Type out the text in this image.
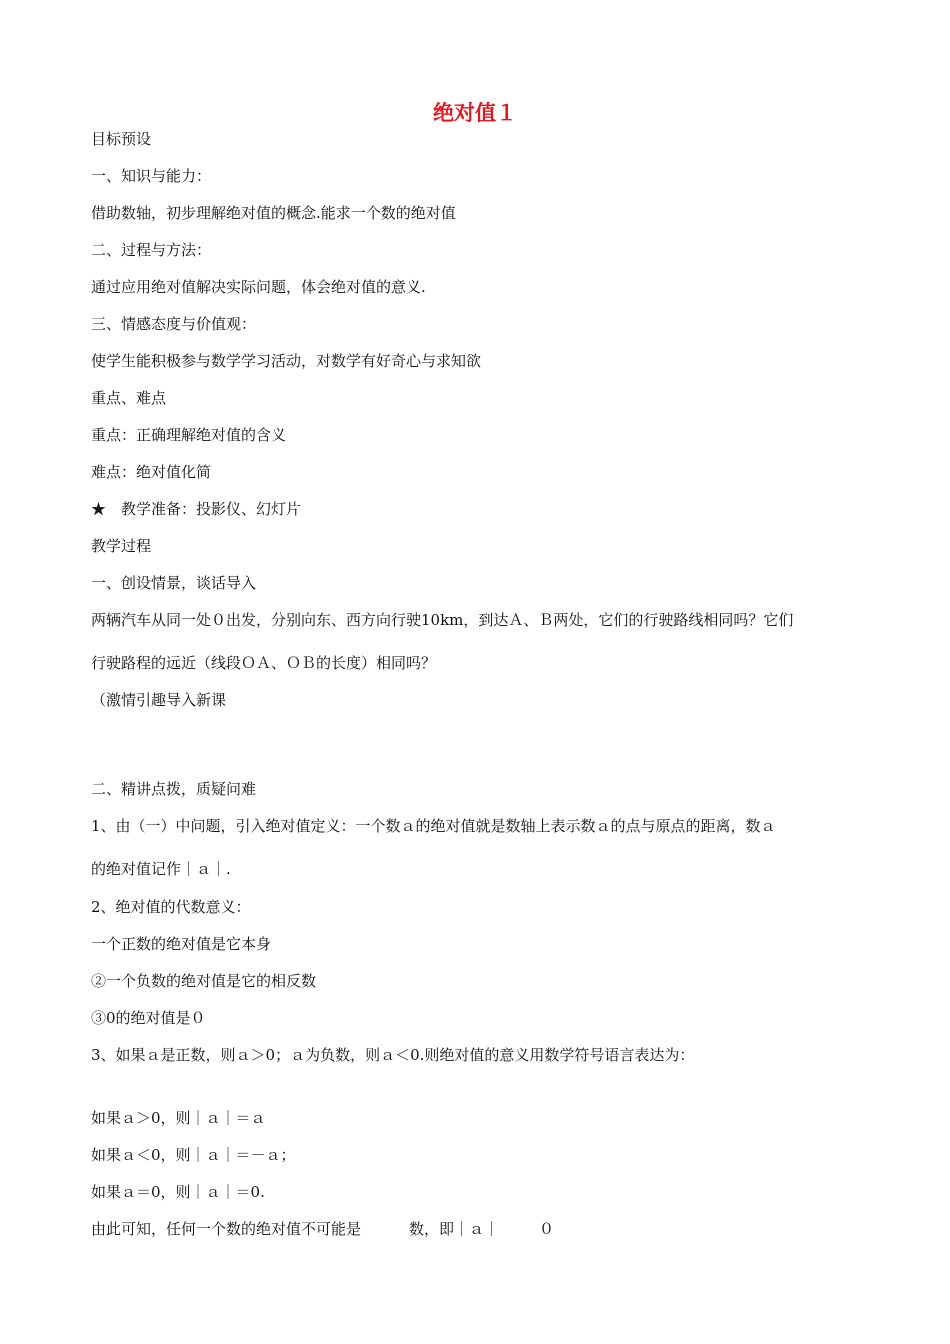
绝对值１
目标预设
一、知识与能力：
借助数轴，初步理解绝对值的概念.能求一个数的绝对值
二、过程与方法：
通过应用绝对值解决实际问题，体会绝对值的意义.
三、情感态度与价值观：
使学生能积极参与数学学习活动，对数学有好奇心与求知欲
重点、难点
重点：正确理解绝对值的含义
难点：绝对值化简
★　教学准备：投影仪、幻灯片
教学过程
一、创设情景，谈话导入
两辆汽车从同一处０出发，分别向东、西方向行驶10km，到达Ａ、Ｂ两处，它们的行驶路线相同吗？它们
行驶路程的远近（线段ＯＡ、ＯＢ的长度）相同吗？
（激情引趣导入新课
二、精讲点拨，质疑问难
1、由（一）中问题，引入绝对值定义：一个数ａ的绝对值就是数轴上表示数ａ的点与原点的距离，数ａ
的绝对值记作｜ａ｜.
2、绝对值的代数意义：
一个正数的绝对值是它本身
②一个负数的绝对值是它的相反数
③0的绝对值是０
3、如果ａ是正数，则ａ＞0；ａ为负数，则ａ＜0.则绝对值的意义用数学符号语言表达为：
如果ａ＞0，则｜ａ｜＝ａ
如果ａ＜0，则｜ａ｜＝－ａ；
如果ａ＝0，则｜ａ｜＝0.
由此可知，任何一个数的绝对值不可能是	数，即｜ａ｜	０
